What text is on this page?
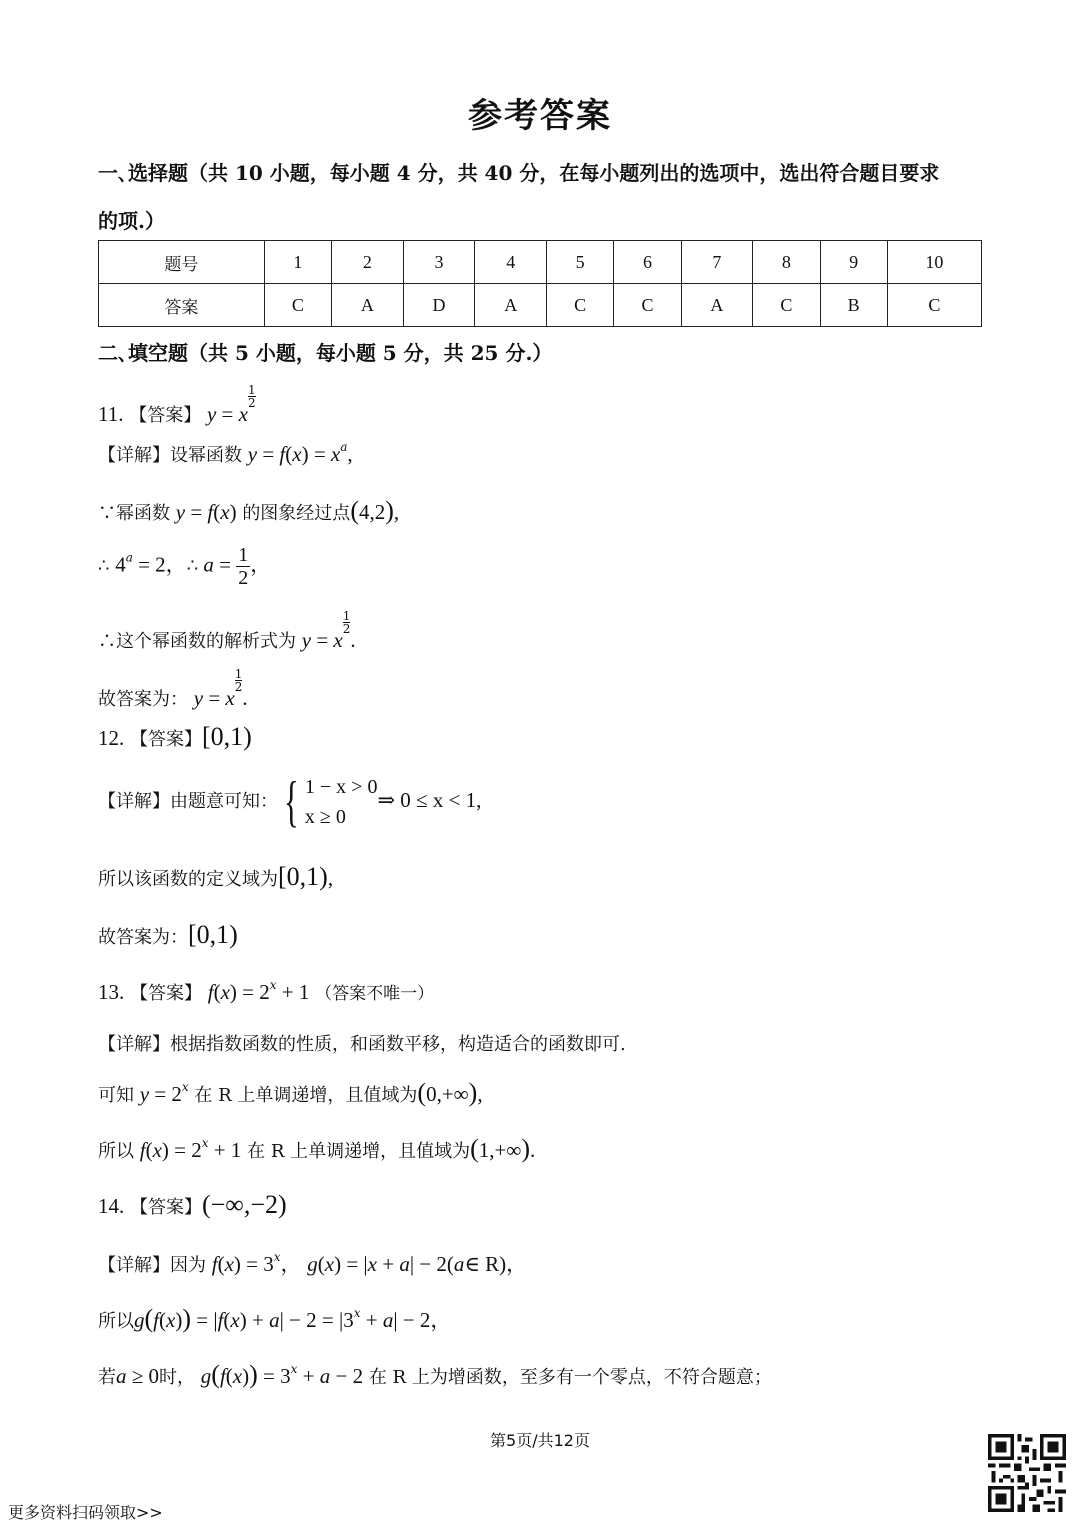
参考答案
一､选择题（共 10 小题，每小题 4 分，共 40 分，在每小题列出的选项中，选出符合题目要求
的项.）
题号	1	2	3	4	5	6	7	8	9	10
答案	C	A	D	A	C	C	A	C	B	C
二､填空题（共 5 小题，每小题 5 分，共 25 分.）
11. 【答案】 y = x
$\frac{1}{2}$
【详解】设幂函数 $y = f(x) = x^a$,
∵幂函数 y = f(x) 的图象经过点(4,2),
∴ $4^a = 2$，∴ $a = \frac{1}{2}$ ，
∴这个幂函数的解析式为 y = x
$\frac{1}{2}$
.
故答案为： y = x
$\frac{1}{2}$
.
12. 【答案】[0,1)
【详解】由题意可知： { 1 − x > 0
x ≥ 0
⇒ 0 ≤ x < 1,
所以该函数的定义域为[0,1),
故答案为：[0,1)
13. 【答案】 $f(x) = 2^x + 1$ （答案不唯一）
【详解】根据指数函数的性质，和函数平移，构造适合的函数即可.
可知 $y = 2^x$ 在 R 上单调递增，且值域为(0,+∞),
所以 $f(x) = 2^x + 1$ 在 R 上单调递增，且值域为(1,+∞).
14. 【答案】(−∞,−2)
【详解】因为 $f(x) = 3^x$， g(x) = |x + a| − 2(a∈ R)，
所以$g(f(x)) = |f(x) + a| - 2 = |3^x + a| - 2$，
若a ≥ 0时， $g(f(x)) = 3^x + a - 2$ 在 R 上为增函数，至多有一个零点，不符合题意；
第5页/共12页
更多资料扫码领取>>
